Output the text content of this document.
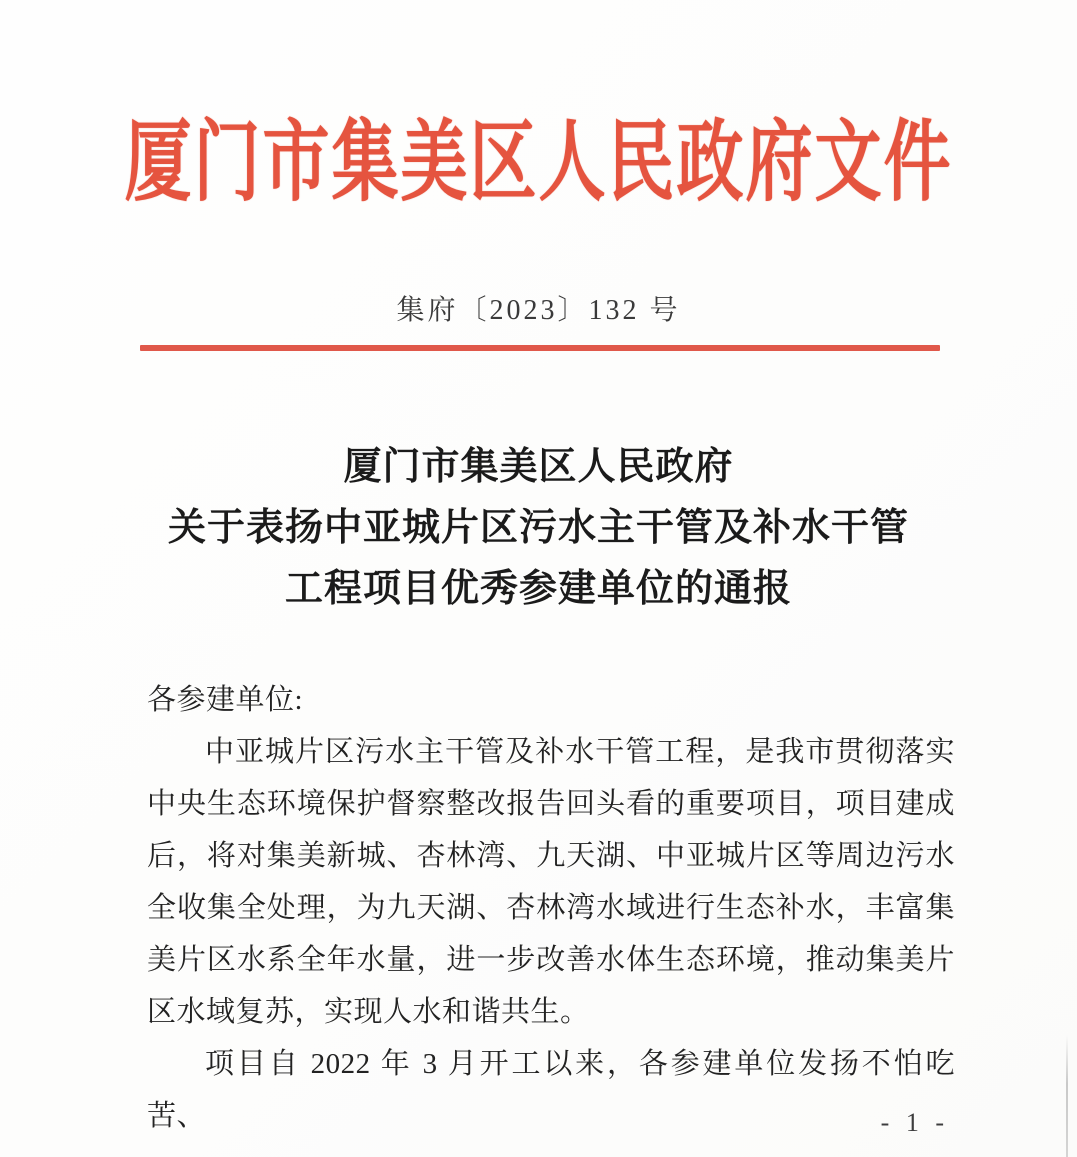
厦门市集美区人民政府文件
集府〔2023〕132 号
厦门市集美区人民政府
关于表扬中亚城片区污水主干管及补水干管
工程项目优秀参建单位的通报
各参建单位:

中亚城片区污水主干管及补水干管工程，是我市贯彻落实中央生态环境保护督察整改报告回头看的重要项目，项目建成后，将对集美新城、杏林湾、九天湖、中亚城片区等周边污水全收集全处理，为九天湖、杏林湾水域进行生态补水，丰富集美片区水系全年水量，进一步改善水体生态环境，推动集美片区水域复苏，实现人水和谐共生。

项目自 2022 年 3 月开工以来，各参建单位发扬不怕吃苦、	- 1 -
